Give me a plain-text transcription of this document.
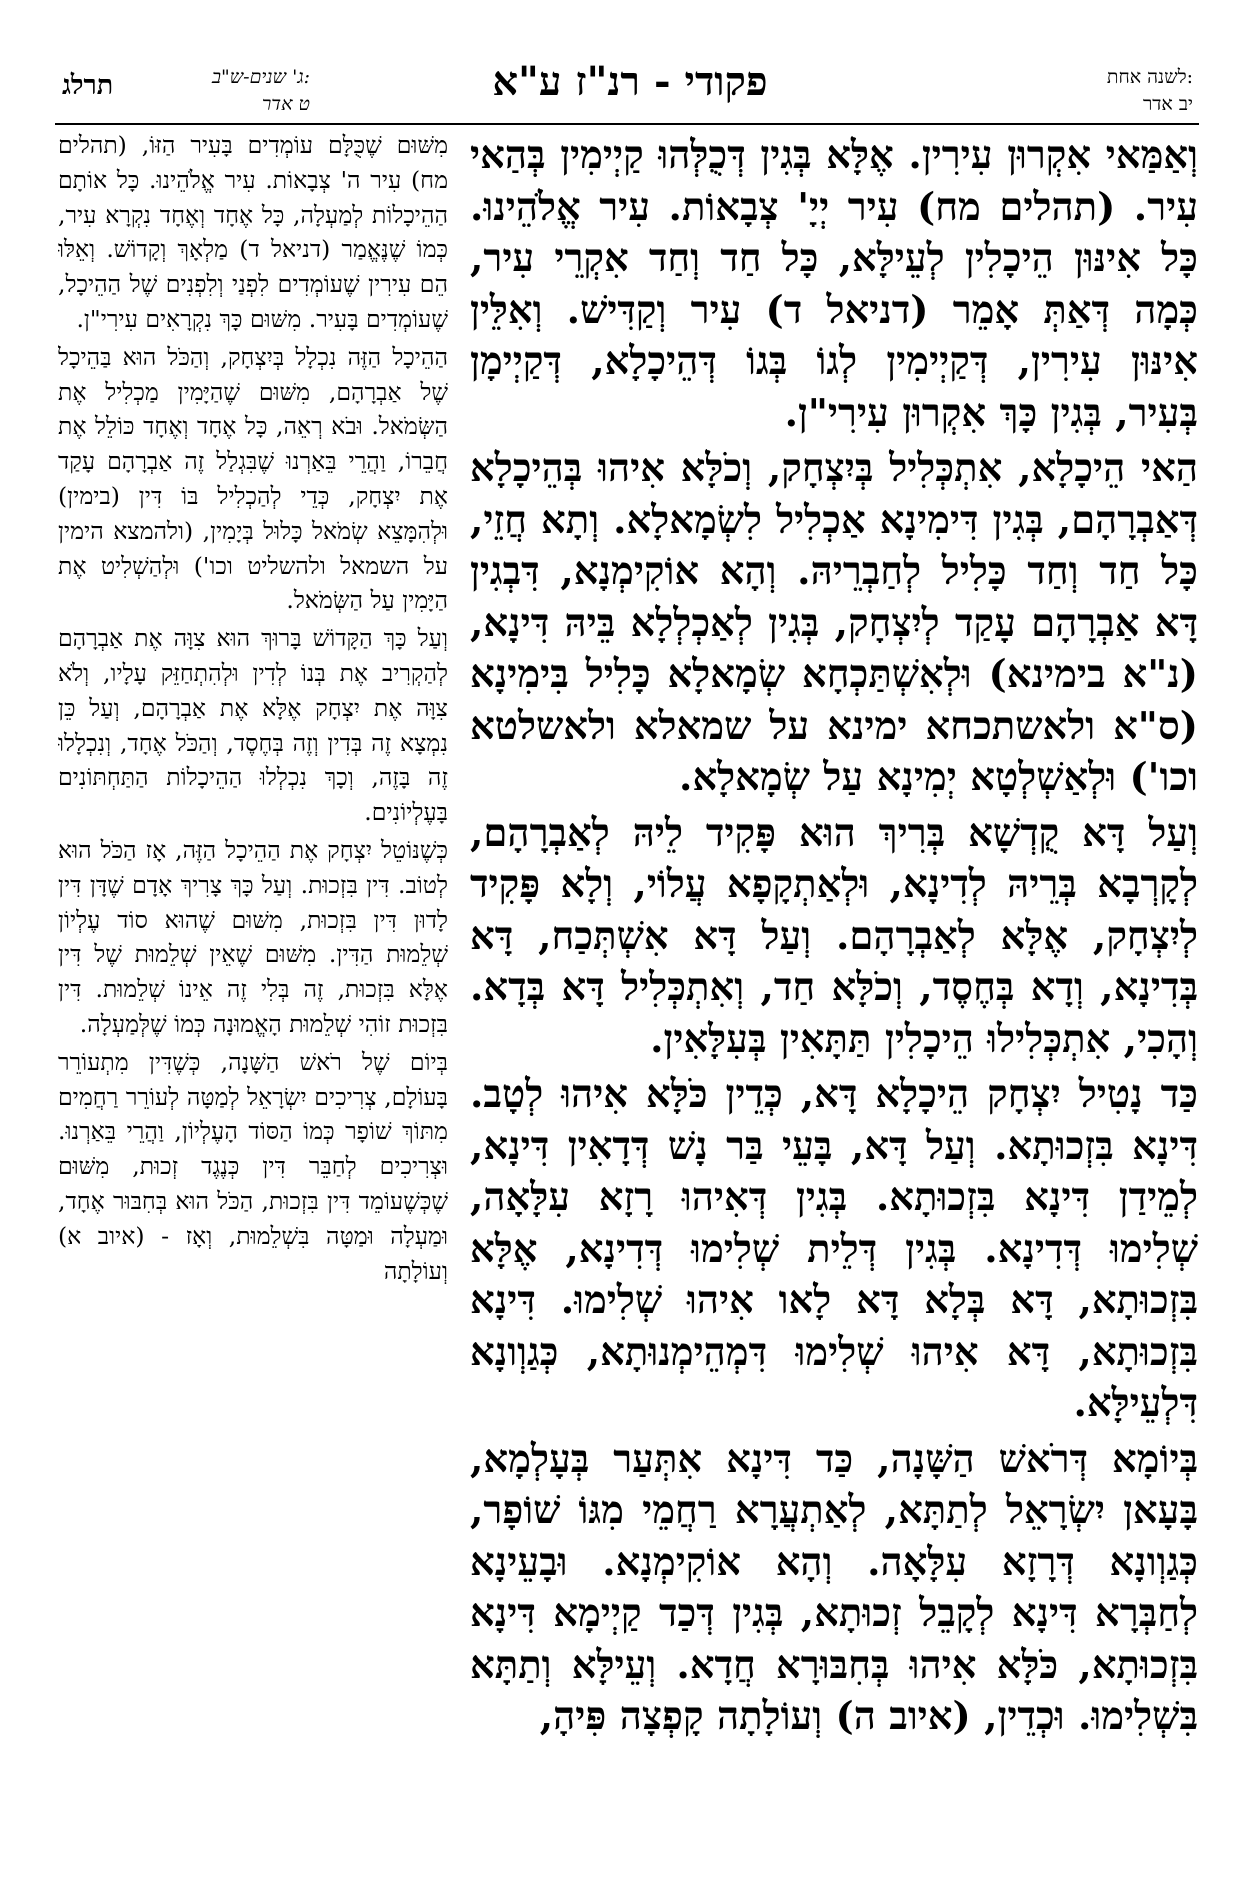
ג' שנים-ש"ב:
ט אדר
תרלג	פקודי - רנ"ז ע"א	לשנה אחת:
יב אדר

וְאַמַּאי אִקְרוּן עִירִין. אֶלָּא בְּגִין דְּכֻלְּהוּ קַיְימִין בְּהַאי עִיר. (תהלים מח) עִיר יְיָ' צְבָאוֹת. עִיר אֱלֹהֵינוּ. כָּל אִינּוּן הֵיכָלִין לְעֵילָּא, כָּל חַד וְחַד אִקְרֵי עִיר, כְּמָה דְּאַתְּ אָמֵר (דניאל ד) עִיר וְקַדִּישׁ. וְאִלֵּין אִינּוּן עִירִין, דְּקַיְימִין לְגוֹ בְּגוֹ דְּהֵיכָלָא, דְּקַיְימָן בְּעִיר, בְּגִין כָּךְ אִקְרוּן עִירִי"ן.

הַאי הֵיכָלָא, אִתְכְּלִיל בְּיִצְחָק, וְכֹלָּא אִיהוּ בְּהֵיכָלָא דְּאַבְרָהָם, בְּגִין דִּימִינָא אַכְלִיל לִשְׂמָאלָא. וְתָא חֲזֵי, כָּל חַד וְחַד כָּלִיל לְחַבְרֵיהּ. וְהָא אוֹקִימְנָא, דִּבְגִין דָּא אַבְרָהָם עָקַד לְיִצְחָק, בְּגִין לְאַכְלְלָא בֵּיהּ דִּינָא, (נ"א בימינא) וּלְאִשְׁתַּכְחָא שְׂמָאלָא כָּלִיל בִּימִינָא (ס"א ולאשתכחא ימינא על שמאלא ולאשלטא וכו') וּלְאַשְׁלְטָא יְמִינָא עַל שְׂמָאלָא.

וְעַל דָּא קֻדְשָׁא בְּרִיךְ הוּא פָּקִיד לֵיהּ לְאַבְרָהָם, לְקָרְבָא בְּרֵיהּ לְדִינָא, וּלְאַתְקָפָא עֲלוֹי, וְלָא פָּקִיד לְיִצְחָק, אֶלָּא לְאַבְרָהָם. וְעַל דָּא אִשְׁתְּכַח, דָּא בְּדִינָא, וְדָא בְּחֶסֶד, וְכֹלָּא חַד, וְאִתְכְּלִיל דָּא בְּדָא. וְהָכִי, אִתְכְּלִילוּ הֵיכָלִין תַּתָּאִין בְּעִלָּאִין.

כַּד נָטִיל יִצְחָק הֵיכָלָא דָּא, כְּדֵין כֹּלָּא אִיהוּ לְטָב. דִּינָא בִּזְכוּתָא. וְעַל דָּא, בָּעֵי בַּר נָשׁ דְּדָאִין דִּינָא, לְמֵידַן דִּינָא בִּזְכוּתָא. בְּגִין דְּאִיהוּ רָזָא עִלָּאָה, שְׁלִימוּ דְּדִינָא. בְּגִין דְּלֵית שְׁלִימוּ דְּדִינָא, אֶלָּא בִּזְכוּתָא, דָּא בְּלָא דָּא לָאו אִיהוּ שְׁלִימוּ. דִּינָא בִּזְכוּתָא, דָּא אִיהוּ שְׁלִימוּ דִּמְהֵימְנוּתָא, כְּגַוְונָא דִּלְעֵילָּא.

בְּיוֹמָא דְּרֹאשׁ הַשָּׁנָה, כַּד דִּינָא אִתְּעַר בְּעָלְמָא, בָּעָאן יִשְׂרָאֵל לְתַתָּא, לְאַתְעֲרָא רַחֲמֵי מִגּוֹ שׁוֹפָר, כְּגַוְונָא דְּרָזָא עִלָּאָה. וְהָא אוֹקִימְנָא. וּבָעֵינָא לְחַבְּרָא דִּינָא לְקָבֵל זְכוּתָא, בְּגִין דְּכַד קַיְימָא דִּינָא בִּזְכוּתָא, כֹּלָּא אִיהוּ בְּחִבּוּרָא חֲדָא. וְעֵילָּא וְתַתָּא בִּשְׁלִימוּ. וּכְדֵין, (איוב ה) וְעוֹלָתָה קָפְצָה פִּיהָ,

מִשּׁוּם שֶׁכֻּלָּם עוֹמְדִים בָּעִיר הַזּוֹ, (תהלים מח) עִיר ה' צְבָאוֹת. עִיר אֱלֹהֵינוּ. כָּל אוֹתָם הַהֵיכָלוֹת לְמַעְלָה, כָּל אֶחָד וְאֶחָד נִקְרָא עִיר, כְּמוֹ שֶׁנֶּאֱמַר (דניאל ד) מַלְאָךְ וְקָדוֹשׁ. וְאֵלּוּ הֵם עִירִין שֶׁעוֹמְדִים לִפְנַי וְלִפְנִים שֶׁל הַהֵיכָל, שֶׁעוֹמְדִים בָּעִיר. מִשּׁוּם כָּךְ נִקְרָאִים עִירִי"ן.

הַהֵיכָל הַזֶּה נִכְלָל בְּיִצְחָק, וְהַכֹּל הוּא בַּהֵיכָל שֶׁל אַבְרָהָם, מִשּׁוּם שֶׁהַיָּמִין מַכְלִיל אֶת הַשְּׂמֹאל. וּבֹא רְאֵה, כָּל אֶחָד וְאֶחָד כּוֹלֵל אֶת חֲבֵרוֹ, וַהֲרֵי בֵּאַרְנוּ שֶׁבִּגְלַל זֶה אַבְרָהָם עָקַד אֶת יִצְחָק, כְּדֵי לְהַכְלִיל בּוֹ דִּין (בימין) וּלְהִמָּצֵא שְׂמֹאל כָּלוּל בְּיָמִין, (ולהמצא הימין על השמאל ולהשליט וכו') וּלְהַשְׁלִיט אֶת הַיָּמִין עַל הַשְּׂמֹאל.

וְעַל כָּךְ הַקָּדוֹשׁ בָּרוּךְ הוּא צִוָּה אֶת אַבְרָהָם לְהַקְרִיב אֶת בְּנוֹ לְדִין וּלְהִתְחַזֵּק עָלָיו, וְלֹא צִוָּה אֶת יִצְחָק אֶלָּא אֶת אַבְרָהָם, וְעַל כֵּן נִמְצָא זֶה בְּדִין וְזֶה בְּחֶסֶד, וְהַכֹּל אֶחָד, וְנִכְלָלוּ זֶה בָּזֶה, וְכָךְ נִכְלְלוּ הַהֵיכָלוֹת הַתַּחְתּוֹנִים בָּעֶלְיוֹנִים.

כְּשֶׁנּוֹטֵל יִצְחָק אֶת הַהֵיכָל הַזֶּה, אָז הַכֹּל הוּא לְטוֹב. דִּין בִּזְכוּת. וְעַל כָּךְ צָרִיךְ אָדָם שֶׁדָּן דִּין לָדוּן דִּין בִּזְכוּת, מִשּׁוּם שֶׁהוּא סוֹד עֶלְיוֹן שְׁלֵמוּת הַדִּין. מִשּׁוּם שֶׁאֵין שְׁלֵמוּת שֶׁל דִּין אֶלָּא בִּזְכוּת, זֶה בְּלִי זֶה אֵינוֹ שְׁלֵמוּת. דִּין בִּזְכוּת זוֹהִי שְׁלֵמוּת הָאֱמוּנָה כְּמוֹ שֶׁלְּמַעְלָה.

בְּיוֹם שֶׁל רֹאשׁ הַשָּׁנָה, כְּשֶׁדִּין מִתְעוֹרֵר בָּעוֹלָם, צְרִיכִים יִשְׂרָאֵל לְמַטָּה לְעוֹרֵר רַחֲמִים מִתּוֹךְ שׁוֹפָר כְּמוֹ הַסּוֹד הָעֶלְיוֹן, וַהֲרֵי בֵּאַרְנוּ. וּצְרִיכִים לְחַבֵּר דִּין כְּנֶגֶד זְכוּת, מִשּׁוּם שֶׁכְּשֶׁעוֹמֵד דִּין בִּזְכוּת, הַכֹּל הוּא בְּחִבּוּר אֶחָד, וּמַעְלָה וּמַטָּה בִּשְׁלֵמוּת, וְאָז - (איוב א) וְעוֹלָתָה
